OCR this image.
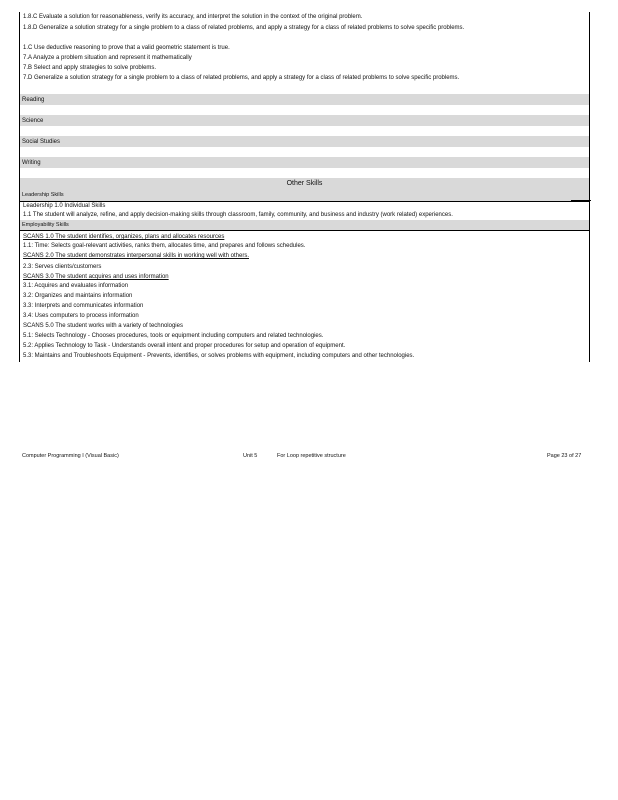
1.8.C Evaluate a solution for reasonableness, verify its accuracy, and interpret the solution in the context of the original problem.
1.8.D Generalize a solution strategy for a single problem to a class of related problems, and apply a strategy for a class of related problems to solve specific problems.
1.C Use deductive reasoning to prove that a valid geometric statement is true.
7.A Analyze a problem situation and represent it mathematically
7.B Select and apply strategies to solve problems.
7.D Generalize a solution strategy for a single problem to a class of related problems, and apply a strategy for a class of related problems to solve specific problems.
Reading
Science
Social Studies
Writing
Other Skills
Leadership Skills
Leadership 1.0 Individual Skills
1.1 The student will analyze, refine, and apply decision-making skills through classroom, family, community, and business and industry (work related) experiences.
Employability Skills
SCANS 1.0 The student identifies, organizes, plans and allocates resources
1.1: Time: Selects goal-relevant activities, ranks them, allocates time, and prepares and follows schedules.
SCANS 2.0 The student demonstrates interpersonal skills in working well with others.
2.3: Serves clients/customers
SCANS 3.0 The student acquires and uses information
3.1: Acquires and evaluates information
3.2: Organizes and maintains information
3.3: Interprets and communicates information
3.4: Uses computers to process information
SCANS 5.0 The student works with a variety of technologies
5.1: Selects Technology - Chooses procedures, tools or equipment including computers and related technologies.
5.2: Applies Technology to Task - Understands overall intent and proper procedures for setup and operation of equipment.
5.3: Maintains and Troubleshoots Equipment - Prevents, identifies, or solves problems with equipment, including computers and other technologies.
Computer Programming I (Visual Basic)	Unit 5	For Loop repetitive structure	Page 23 of 27
